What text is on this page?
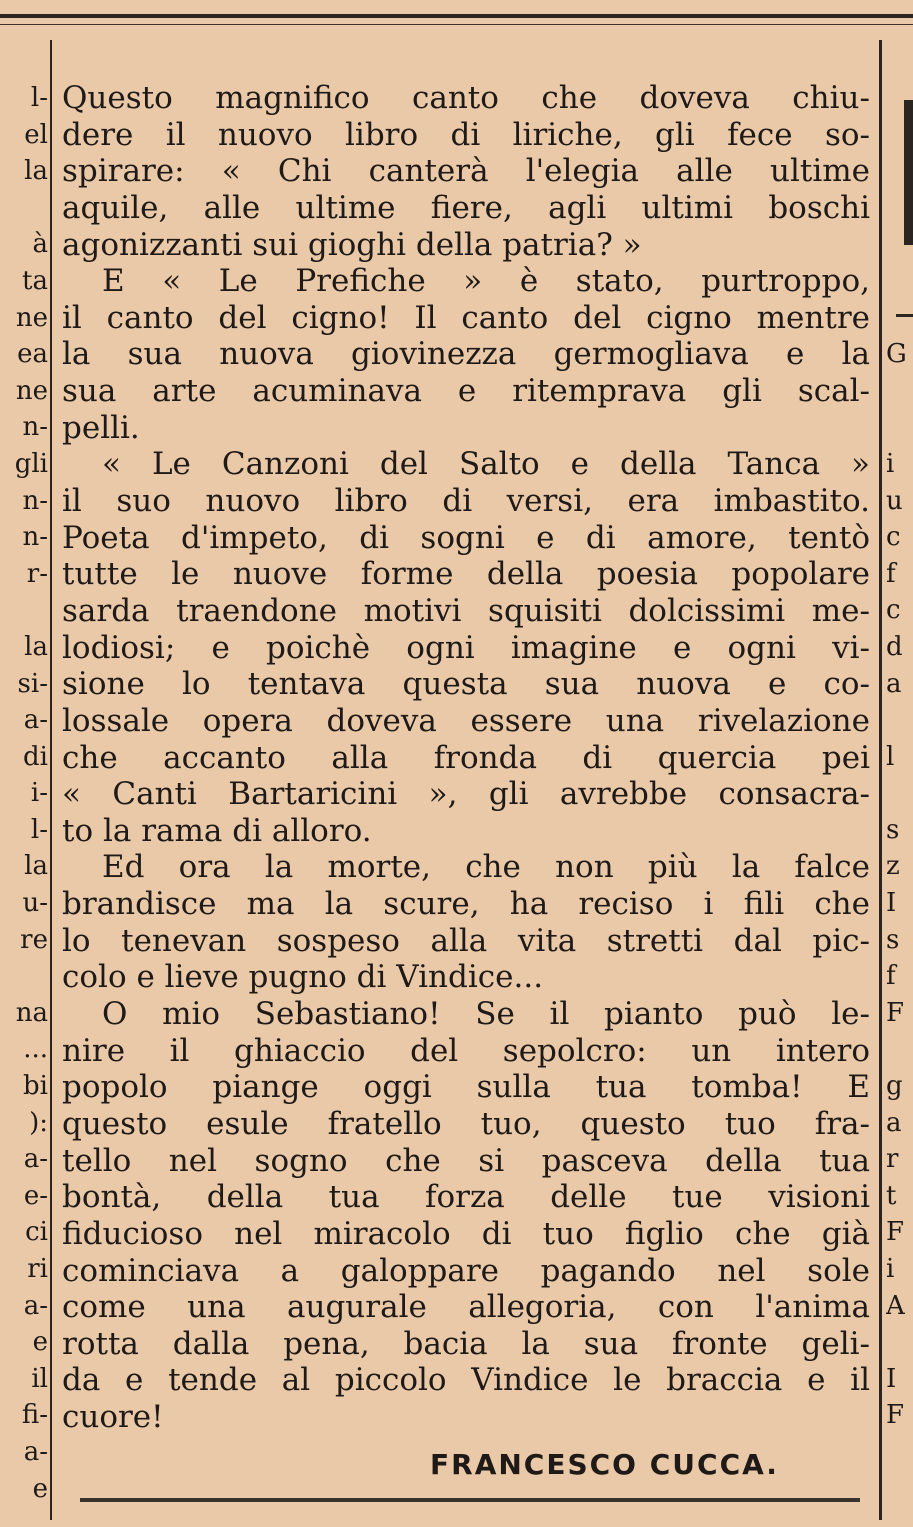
l-
el
la
à
ta
ne
ea
ne
n-
gli
n-
n-
r-
la
si-
a-
di
i-
l-
la
u-
re
na
...
bi
):
a-
e-
ci
ri
a-
e
il
fi-
a-
e
Questo magnifico canto che doveva chiu-
dere il nuovo libro di liriche, gli fece so-
spirare: « Chi canterà l'elegia alle ultime
aquile, alle ultime fiere, agli ultimi boschi
agonizzanti sui gioghi della patria? »
E « Le Prefiche » è stato, purtroppo,
il canto del cigno! Il canto del cigno mentre
la sua nuova giovinezza germogliava e la
sua arte acuminava e ritemprava gli scal-
pelli.
« Le Canzoni del Salto e della Tanca »
il suo nuovo libro di versi, era imbastito.
Poeta d'impeto, di sogni e di amore, tentò
tutte le nuove forme della poesia popolare
sarda traendone motivi squisiti dolcissimi me-
lodiosi; e poichè ogni imagine e ogni vi-
sione lo tentava questa sua nuova e co-
lossale opera doveva essere una rivelazione
che accanto alla fronda di quercia pei
« Canti Bartaricini », gli avrebbe consacra-
to la rama di alloro.
Ed ora la morte, che non più la falce
brandisce ma la scure, ha reciso i fili che
lo tenevan sospeso alla vita stretti dal pic-
colo e lieve pugno di Vindice...
O mio Sebastiano! Se il pianto può le-
nire il ghiaccio del sepolcro: un intero
popolo piange oggi sulla tua tomba! E
questo esule fratello tuo, questo tuo fra-
tello nel sogno che si pasceva della tua
bontà, della tua forza delle tue visioni
fiducioso nel miracolo di tuo figlio che già
cominciava a galoppare pagando nel sole
come una augurale allegoria, con l'anima
rotta dalla pena, bacia la sua fronte geli-
da e tende al piccolo Vindice le braccia e il
cuore!
FRANCESCO CUCCA.
G
i
u
c
f
c
d
a
l
s
z
I
s
f
F
g
a
r
t
F
i
A
I
F
